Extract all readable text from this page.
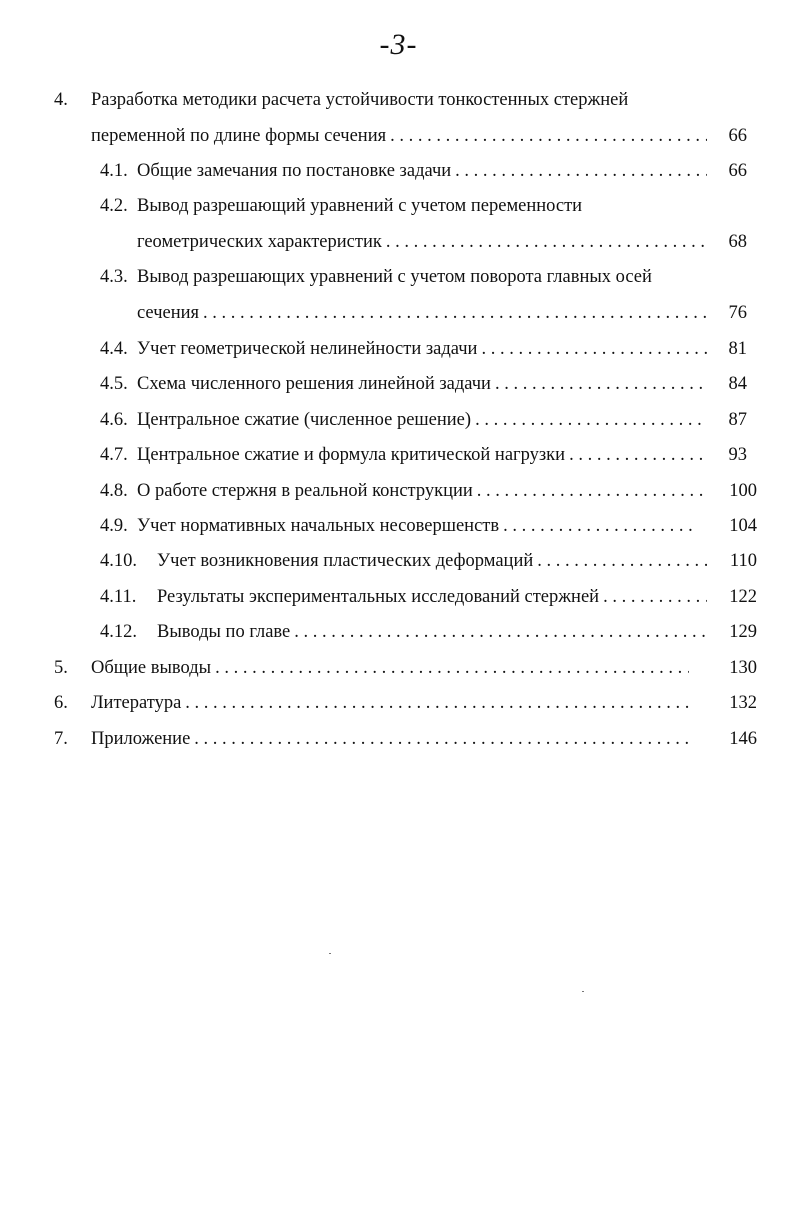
-3-
4. Разработка методики расчета устойчивости тонкостенных стержней
переменной по длине формы сечения . . .	66
4.1. Общие замечания по постановке задачи . . .	66
4.2. Вывод разрешающий уравнений с учетом переменности
геометрических характеристик . . .	68
4.3. Вывод разрешающих уравнений с учетом поворота главных осей
сечения . . .	76
4.4. Учет геометрической нелинейности задачи . . .	81
4.5. Схема численного решения линейной задачи . . .	84
4.6. Центральное сжатие (численное решение) . . .	87
4.7. Центральное сжатие и формула критической нагрузки . . .	93
4.8. О работе стержня в реальной конструкции . . .	100
4.9. Учет нормативных начальных несовершенств . . .	104
4.10. Учет возникновения пластических деформаций . . .	110
4.11. Результаты экспериментальных исследований стержней . . .	122
4.12. Выводы по главе . . .	129
5. Общие выводы . . .	130
6. Литература . . .	132
7. Приложение . . .	146
